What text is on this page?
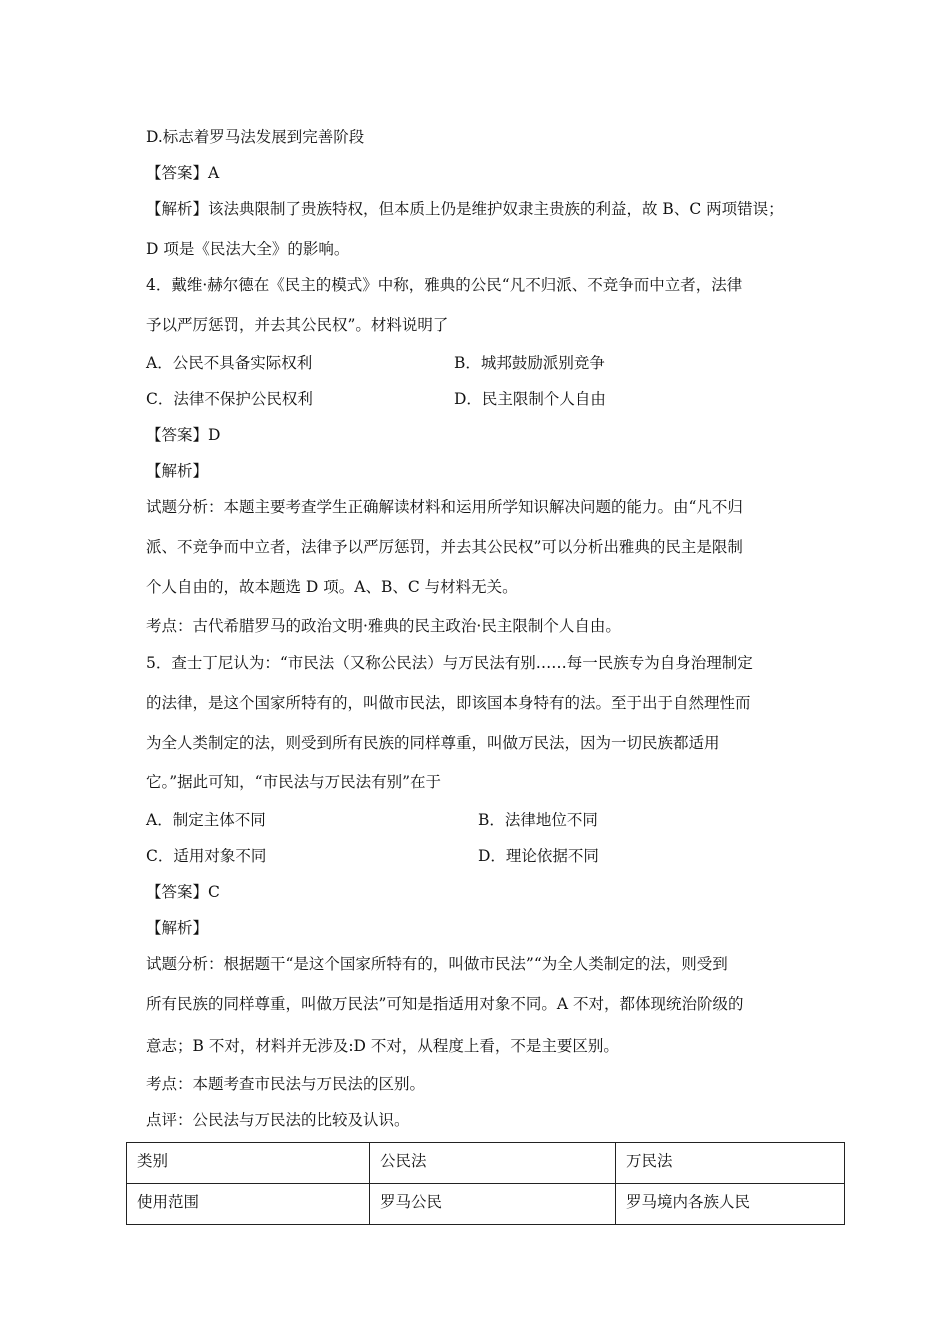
D.标志着罗马法发展到完善阶段
【答案】A
【解析】该法典限制了贵族特权，但本质上仍是维护奴隶主贵族的利益，故 B、C 两项错误；
D 项是《民法大全》的影响。
4．戴维·赫尔德在《民主的模式》中称，雅典的公民“凡不归派、不竞争而中立者，法律
予以严厉惩罚，并去其公民权”。材料说明了
A．公民不具备实际权利	B．城邦鼓励派别竞争
C．法律不保护公民权利	D．民主限制个人自由
【答案】D
【解析】
试题分析：本题主要考查学生正确解读材料和运用所学知识解决问题的能力。由“凡不归
派、不竞争而中立者，法律予以严厉惩罚，并去其公民权”可以分析出雅典的民主是限制
个人自由的，故本题选 D 项。A、B、C 与材料无关。
考点：古代希腊罗马的政治文明·雅典的民主政治·民主限制个人自由。
5．查士丁尼认为：“市民法（又称公民法）与万民法有别……每一民族专为自身治理制定
的法律，是这个国家所特有的，叫做市民法，即该国本身特有的法。至于出于自然理性而
为全人类制定的法，则受到所有民族的同样尊重，叫做万民法，因为一切民族都适用
它。”据此可知，“市民法与万民法有别”在于
A．制定主体不同	B．法律地位不同
C．适用对象不同	D．理论依据不同
【答案】C
【解析】
试题分析：根据题干“是这个国家所特有的，叫做市民法”“为全人类制定的法，则受到
所有民族的同样尊重，叫做万民法”可知是指适用对象不同。A 不对，都体现统治阶级的
意志；B 不对，材料并无涉及:D 不对，从程度上看，不是主要区别。
考点：本题考查市民法与万民法的区别。
点评：公民法与万民法的比较及认识。
类别	公民法	万民法
使用范围	罗马公民	罗马境内各族人民
